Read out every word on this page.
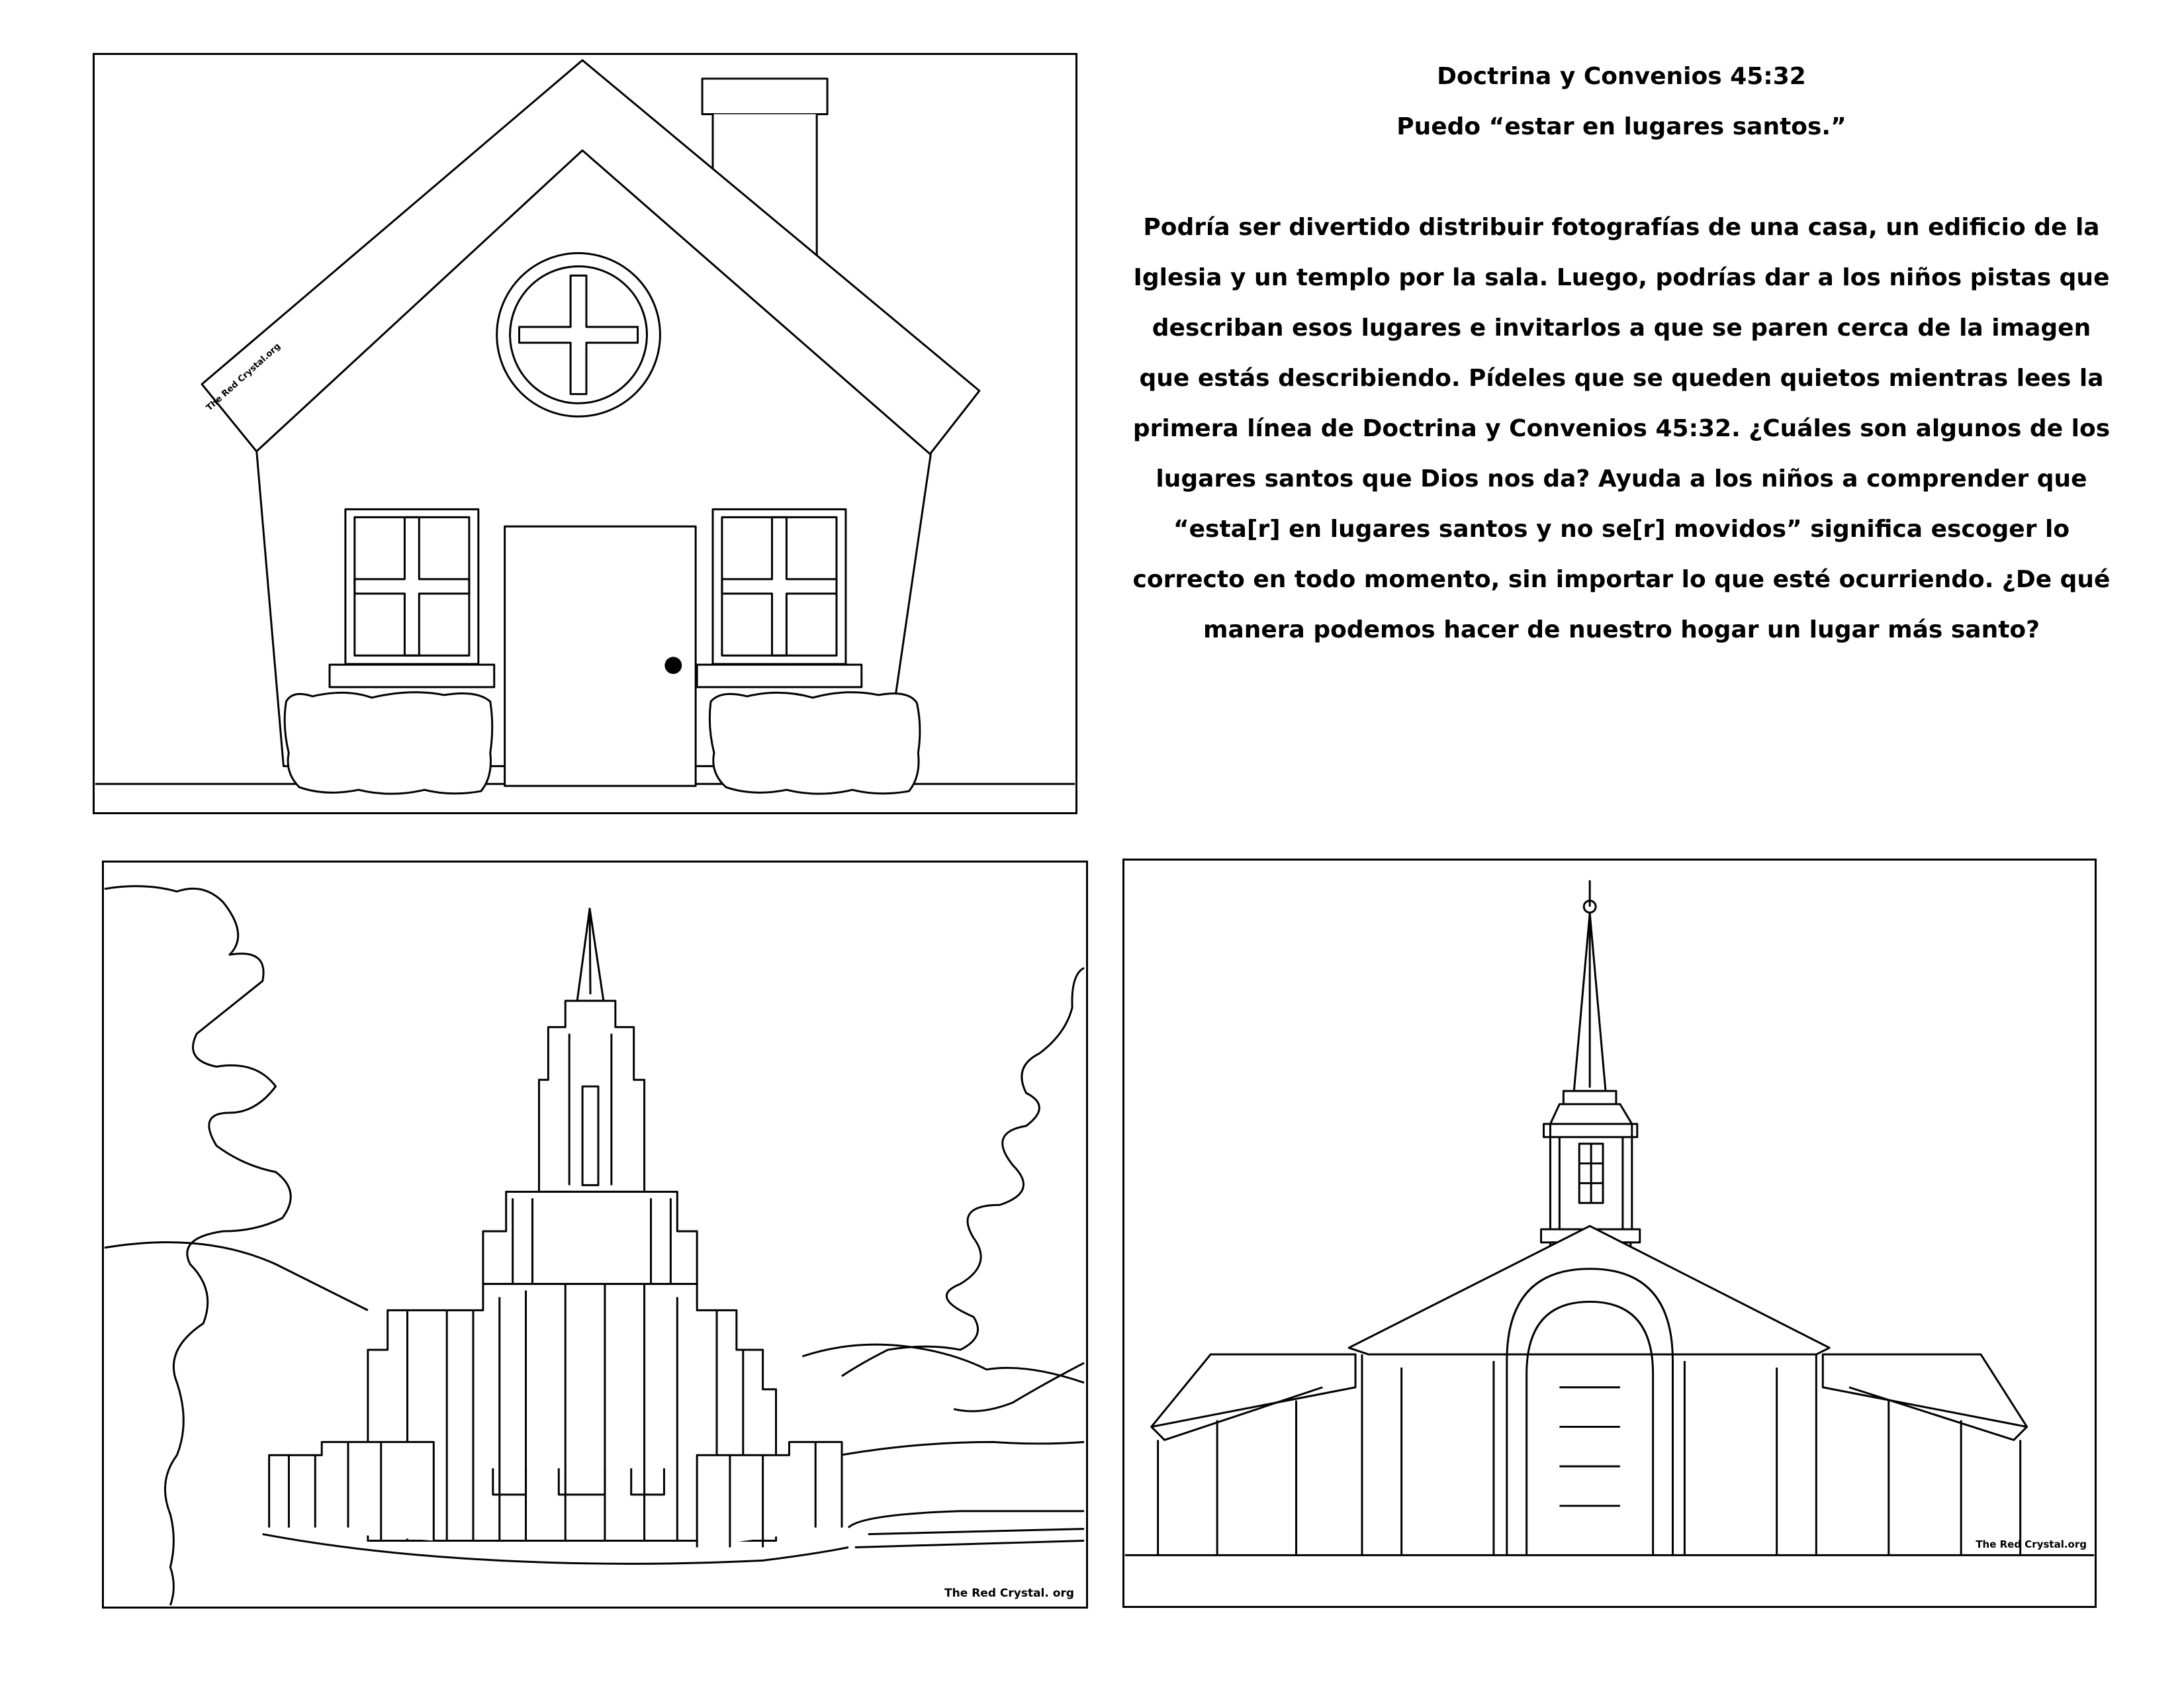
The Red Crystal.org

Doctrina y Convenios 45:32

Puedo “estar en lugares santos.”

Podría ser divertido distribuir fotografías de una casa, un edificio de la

Iglesia y un templo por la sala. Luego, podrías dar a los niños pistas que

describan esos lugares e invitarlos a que se paren cerca de la imagen

que estás describiendo. Pídeles que se queden quietos mientras lees la

primera línea de Doctrina y Convenios 45:32. ¿Cuáles son algunos de los

lugares santos que Dios nos da? Ayuda a los niños a comprender que

“esta[r] en lugares santos y no se[r] movidos” significa escoger lo

correcto en todo momento, sin importar lo que esté ocurriendo. ¿De qué

manera podemos hacer de nuestro hogar un lugar más santo?

The Red Crystal. org
The Red Crystal.org
